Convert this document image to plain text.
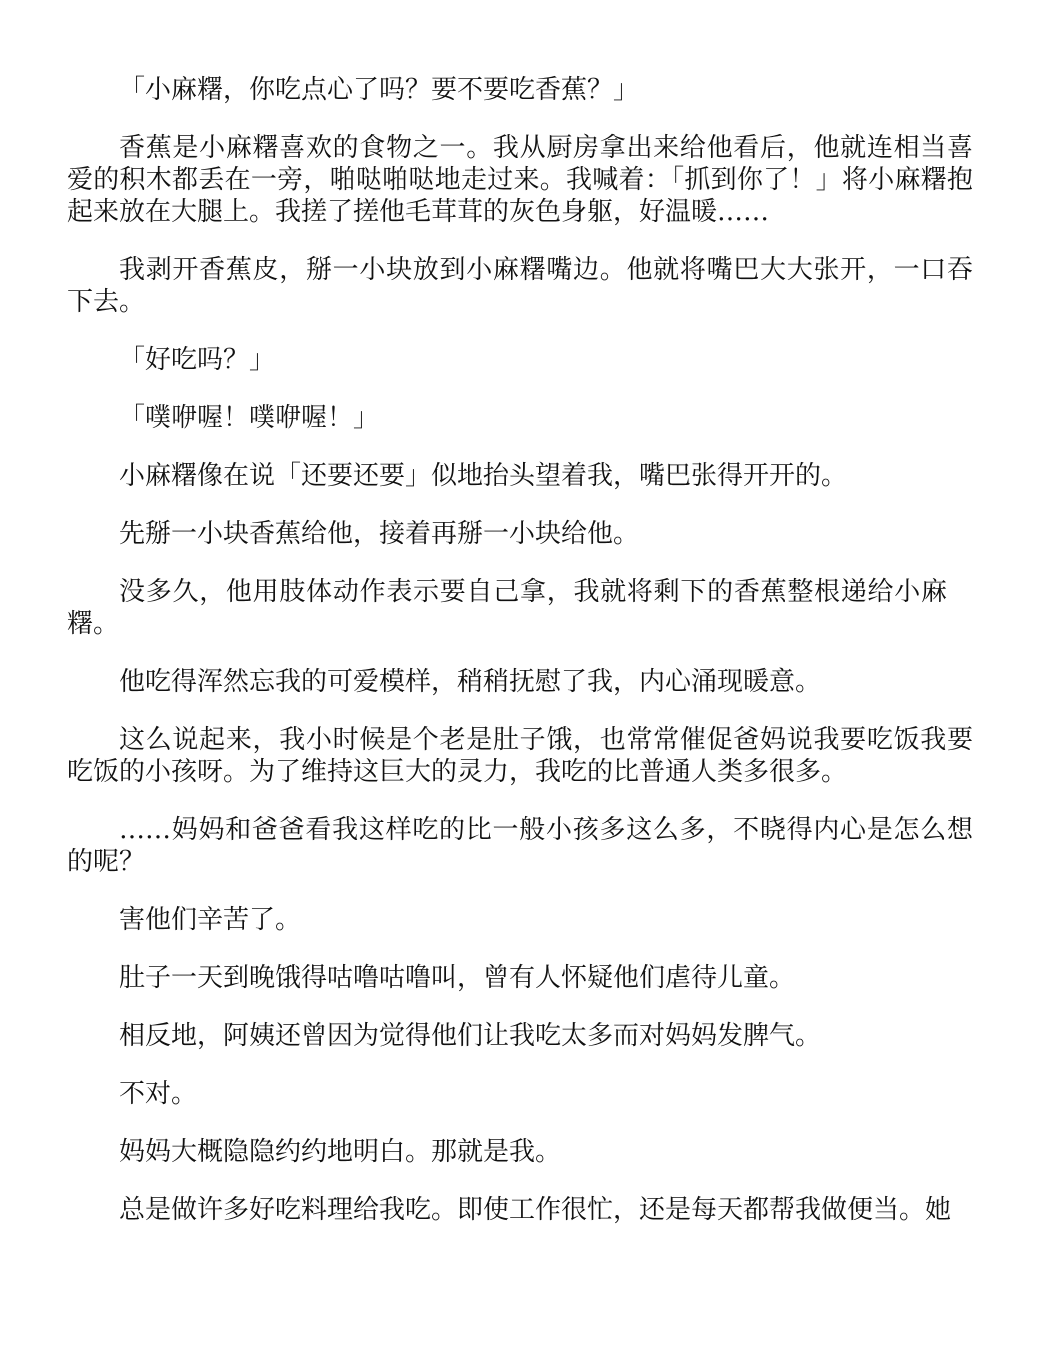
「小麻糬，你吃点心了吗？要不要吃香蕉？」

香蕉是小麻糬喜欢的食物之一。我从厨房拿出来给他看后，他就连相当喜爱的积木都丢在一旁，啪哒啪哒地走过来。我喊着：「抓到你了！」将小麻糬抱起来放在大腿上。我搓了搓他毛茸茸的灰色身躯，好温暖……

我剥开香蕉皮，掰一小块放到小麻糬嘴边。他就将嘴巴大大张开，一口吞下去。

「好吃吗？」

「噗咿喔！噗咿喔！」

小麻糬像在说「还要还要」似地抬头望着我，嘴巴张得开开的。

先掰一小块香蕉给他，接着再掰一小块给他。

没多久，他用肢体动作表示要自己拿，我就将剩下的香蕉整根递给小麻糬。

他吃得浑然忘我的可爱模样，稍稍抚慰了我，内心涌现暖意。

这么说起来，我小时候是个老是肚子饿，也常常催促爸妈说我要吃饭我要吃饭的小孩呀。为了维持这巨大的灵力，我吃的比普通人类多很多。

……妈妈和爸爸看我这样吃的比一般小孩多这么多，不晓得内心是怎么想的呢？

害他们辛苦了。

肚子一天到晚饿得咕噜咕噜叫，曾有人怀疑他们虐待儿童。

相反地，阿姨还曾因为觉得他们让我吃太多而对妈妈发脾气。

不对。

妈妈大概隐隐约约地明白。那就是我。

总是做许多好吃料理给我吃。即使工作很忙，还是每天都帮我做便当。她
